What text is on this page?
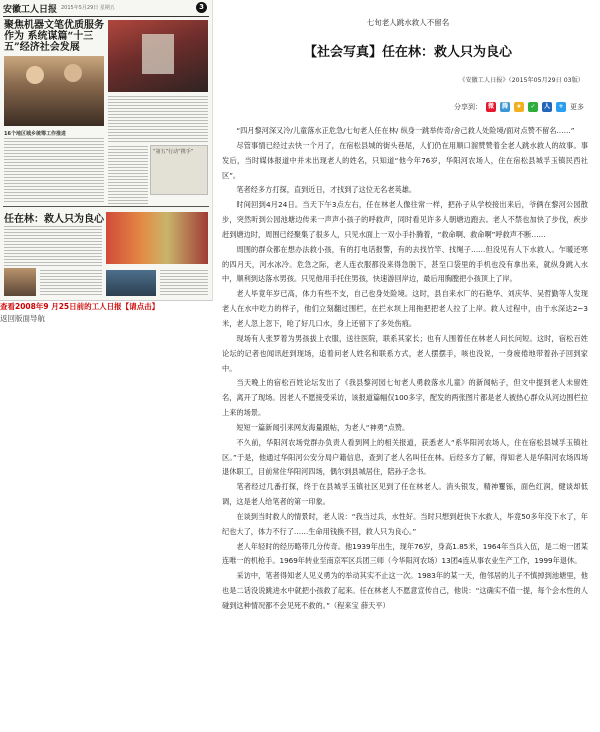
安徽工人日报 2015年5月29日 星期五	3
聚焦机器文笔优质服务作为 系统谋篇“十三五”经济社会发展
16个地区城乡统筹工作推进
“第五”行动“携手”
任在林：救人只为良心
查看2008年9 月25日前的工人日报【请点击】
返回版面导航
七旬老人跳水救人不留名
【社会写真】任在林：救人只为良心
《安徽工人日报》（2015年05月29日 03版）
分享到： 微	腾	★	✓	人	+ 更多

“四月黎河深又冷/儿童落水正危急/七旬老人任在林/ 纵身一跳举传奇/舍己救人处险境/面对点赞不留名……”

尽管事情已经过去快一个月了，在宿松县城的街头巷尾，人们仍在用顺口溜赞赞着全老人跳水救人的故事。事发后，当时媒体报道中并未出现老人的姓名，只知道“他今年76岁，华阳河农场人，住在宿松县城孚玉镇民西社区”。

笔者经多方打探，直到近日，才找到了这位无名老英雄。

时间回到4月24日。当天下午3点左右，任在林老人像往常一样，把孙子从学校接出来后，爷俩在黎河公园散步，突然听到公园池塘边传来一声声小孩子的呼救声，同时看见许多人朝塘边跑去。老人不禁也加快了步伐，疾步赶到塘边时，周围已经聚集了很多人，只见水面上一双小手扑腾着，“救命啊、救命啊”呼救声不断……

周围的群众都在想办法救小孩，有的打电话报警，有的去找竹竿、找绳子……但没见有人下水救人。乍暖还寒的四月天，河水冰冷。危急之际，老人连衣服都没来得急脱下，甚至口袋里的手机也没有拿出来，就纵身跳入水中，顺利到达落水男孩。只见他用手托住男孩，快速游回岸边，最后用胸膛把小孩顶上了岸。

老人毕竟年岁已高，体力有些不支，自己也身处险境。这时，县自来水厂的石艳华、刘庆华、吴哲勤等人发现老人在水中吃力的样子，他们立刻翻过围栏，在拦水坝上用拖把把老人拉了上岸。救人过程中，由于水深达2~3米，老人忽上忽下，呛了好几口水，身上还留下了多处伤痕。

现场有人张罗着为男孩拔上衣服，送往医院，联系其家长；也有人围着任在林老人问长问短。这时，宿松百姓论坛的记者也闻讯赶到现场，追着问老人姓名和联系方式，老人摆摆手，咳也没说，一身疲倦地带着孙子回到家中。

当天晚上的宿松百姓论坛发出了《我县黎河园七旬老人勇救落水儿童》的新闻帖子，但文中提到老人未留姓名，离开了现场。因老人不愿接受采访，该报道篇幅仅100多字，配发的两张图片都是老人被热心群众从河边围栏拉上来的场景。

短短一篇新闻引来网友海量跟帖，为老人“神勇”点赞。

不久前，华阳河农场党群办负责人看到网上的相关报道，获悉老人“系华阳河农场人，住在宿松县城孚玉镇社区。”于是，他通过华阳河公安分局户籍信息，查到了老人名叫任在林。后经多方了解，得知老人是华阳河农场四场退休职工，目前常住华阳河四场，偶尔到县城居住，陪孙子念书。

笔者经过几番打探，终于在县城孚玉镇社区见到了任在林老人。消头银发，精神矍铄，面色红润，健谈却低调，这是老人给笔者的第一印象。

在谈到当时救人的情景时，老人说：“我当过兵，水性好。当时只想到赶快下水救人，毕竟50多年没下水了，年纪也大了，体力不行了……生命用钱换不回，救人只为良心。”

老人年轻时的经历略带几分传奇。他1939年出生，现年76岁，身高1.85米，1964年当兵入伍，是二炮一团某连唯一的机枪手。1969年转业至南京军区兵团三师（今华阳河农场）13团4连从事农业生产工作，1999年退休。

采访中，笔者得知老人见义勇为的举动其实不止这一次。1983年的某一天，他邻居的儿子不慎掉到池塘里，他也是二话没说跳进水中就把小孩救了起来。任在林老人不愿意宣传自己，他说：“这确实不值一提，每个会水性的人碰到这种情况都不会见死不救的。”（程来宝 薛天平）
